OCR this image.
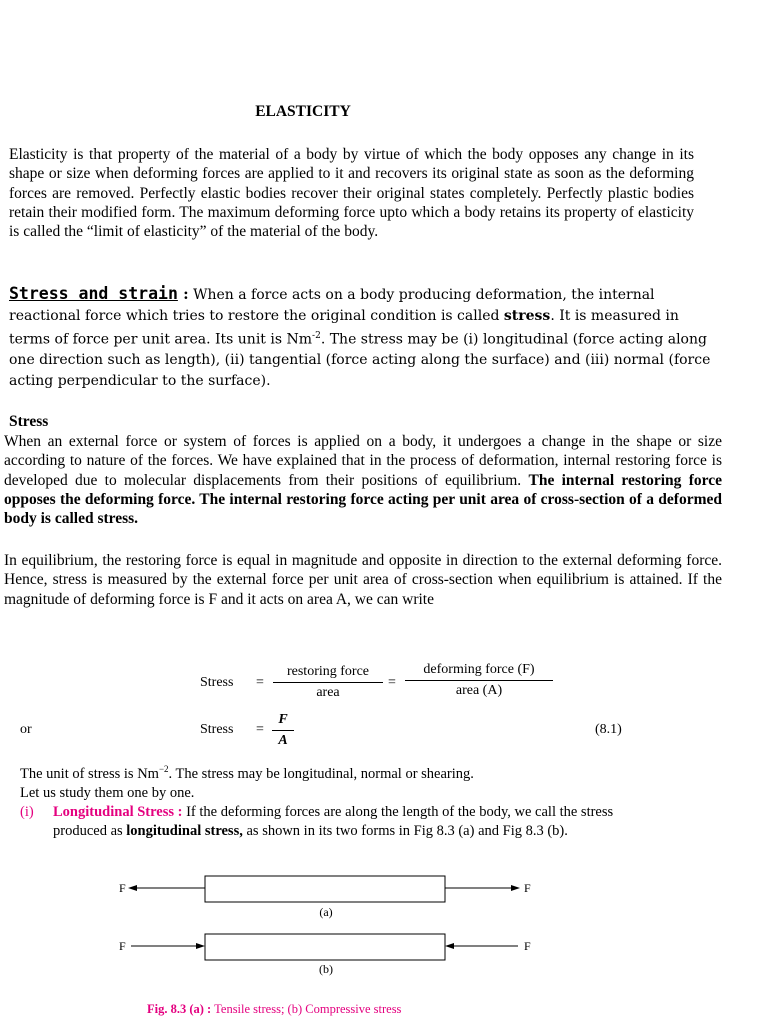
ELASTICITY
Elasticity is that property of the material of a body by virtue of which the body opposes any change in its shape or size when deforming forces are applied to it and recovers its original state as soon as the deforming forces are removed. Perfectly elastic bodies recover their original states completely. Perfectly plastic bodies retain their modified form. The maximum deforming force upto which a body retains its property of elasticity is called the “limit of elasticity” of the material of the body.
Stress and strain : When a force acts on a body producing deformation, the internal reactional force which tries to restore the original condition is called stress. It is measured in terms of force per unit area. Its unit is $Nm^{-2}$. The stress may be (i) longitudinal (force acting along one direction such as length), (ii) tangential (force acting along the surface) and (iii) normal (force acting perpendicular to the surface).
Stress
When an external force or system of forces is applied on a body, it undergoes a change in the shape or size according to nature of the forces. We have explained that in the process of deformation, internal restoring force is developed due to molecular displacements from their positions of equilibrium. The internal restoring force opposes the deforming force. The internal restoring force acting per unit area of cross-section of a deformed body is called stress.
In equilibrium, the restoring force is equal in magnitude and opposite in direction to the external deforming force. Hence, stress is measured by the external force per unit area of cross-section when equilibrium is attained. If the magnitude of deforming force is F and it acts on area A, we can write
Stress =
restoring force
area
=
deforming force (F)
area (A)
or	Stress = $\frac{F}{A}$	(8.1)
The unit of stress is $Nm^{-2}$. The stress may be longitudinal, normal or shearing.
Let us study them one by one.
(i) Longitudinal Stress : If the deforming forces are along the length of the body, we call the stress produced as longitudinal stress, as shown in its two forms in Fig 8.3 (a) and Fig 8.3 (b).
F	F
(a)
F	F
(b)
Fig. 8.3 (a) : Tensile stress; (b) Compressive stress
